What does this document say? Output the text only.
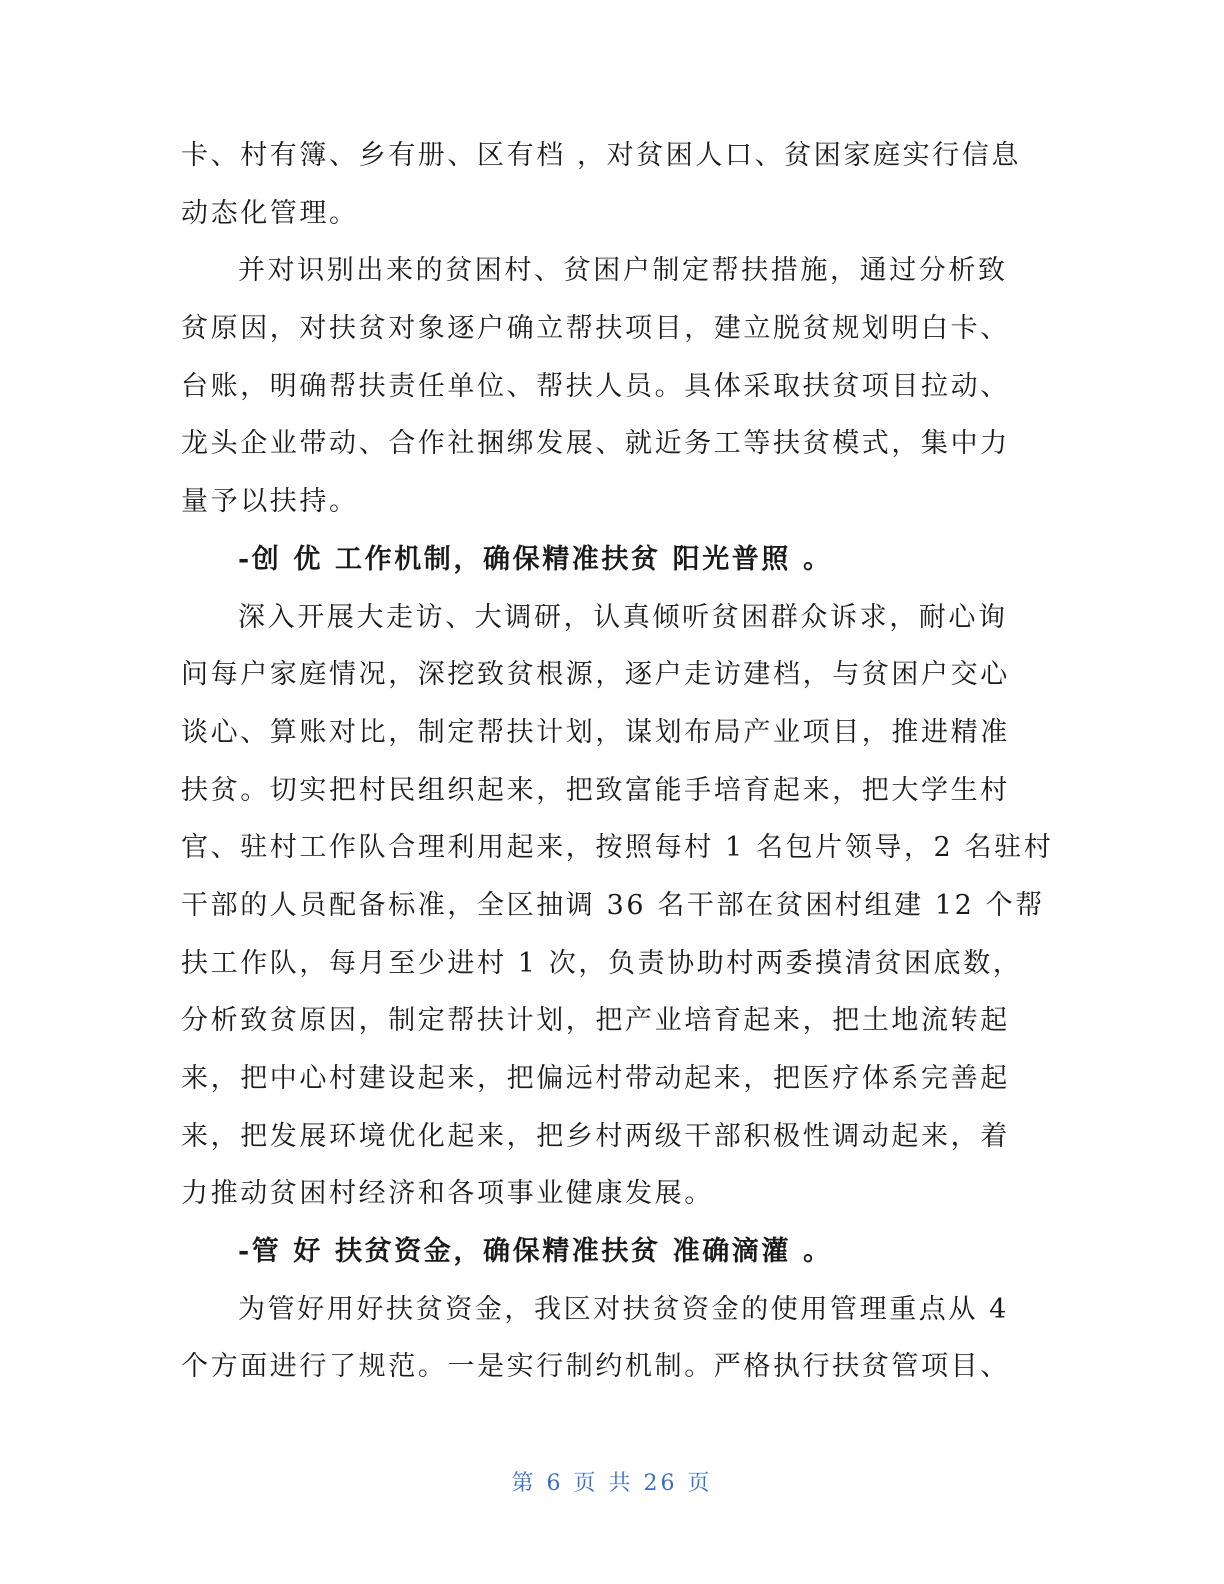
卡、村有簿、乡有册、区有档 ，对贫困人口、贫困家庭实行信息
动态化管理。
并对识别出来的贫困村、贫困户制定帮扶措施，通过分析致
贫原因，对扶贫对象逐户确立帮扶项目，建立脱贫规划明白卡、
台账，明确帮扶责任单位、帮扶人员。具体采取扶贫项目拉动、
龙头企业带动、合作社捆绑发展、就近务工等扶贫模式，集中力
量予以扶持。
-创 优 工作机制，确保精准扶贫 阳光普照 。
深入开展大走访、大调研，认真倾听贫困群众诉求，耐心询
问每户家庭情况，深挖致贫根源，逐户走访建档，与贫困户交心
谈心、算账对比，制定帮扶计划，谋划布局产业项目，推进精准
扶贫。切实把村民组织起来，把致富能手培育起来，把大学生村
官、驻村工作队合理利用起来，按照每村 1 名包片领导，2 名驻村
干部的人员配备标准，全区抽调 36 名干部在贫困村组建 12 个帮
扶工作队，每月至少进村 1 次，负责协助村两委摸清贫困底数，
分析致贫原因，制定帮扶计划，把产业培育起来，把土地流转起
来，把中心村建设起来，把偏远村带动起来，把医疗体系完善起
来，把发展环境优化起来，把乡村两级干部积极性调动起来，着
力推动贫困村经济和各项事业健康发展。
-管 好 扶贫资金，确保精准扶贫 准确滴灌 。
为管好用好扶贫资金，我区对扶贫资金的使用管理重点从 4
个方面进行了规范。一是实行制约机制。严格执行扶贫管项目、
第 6 页 共 26 页
